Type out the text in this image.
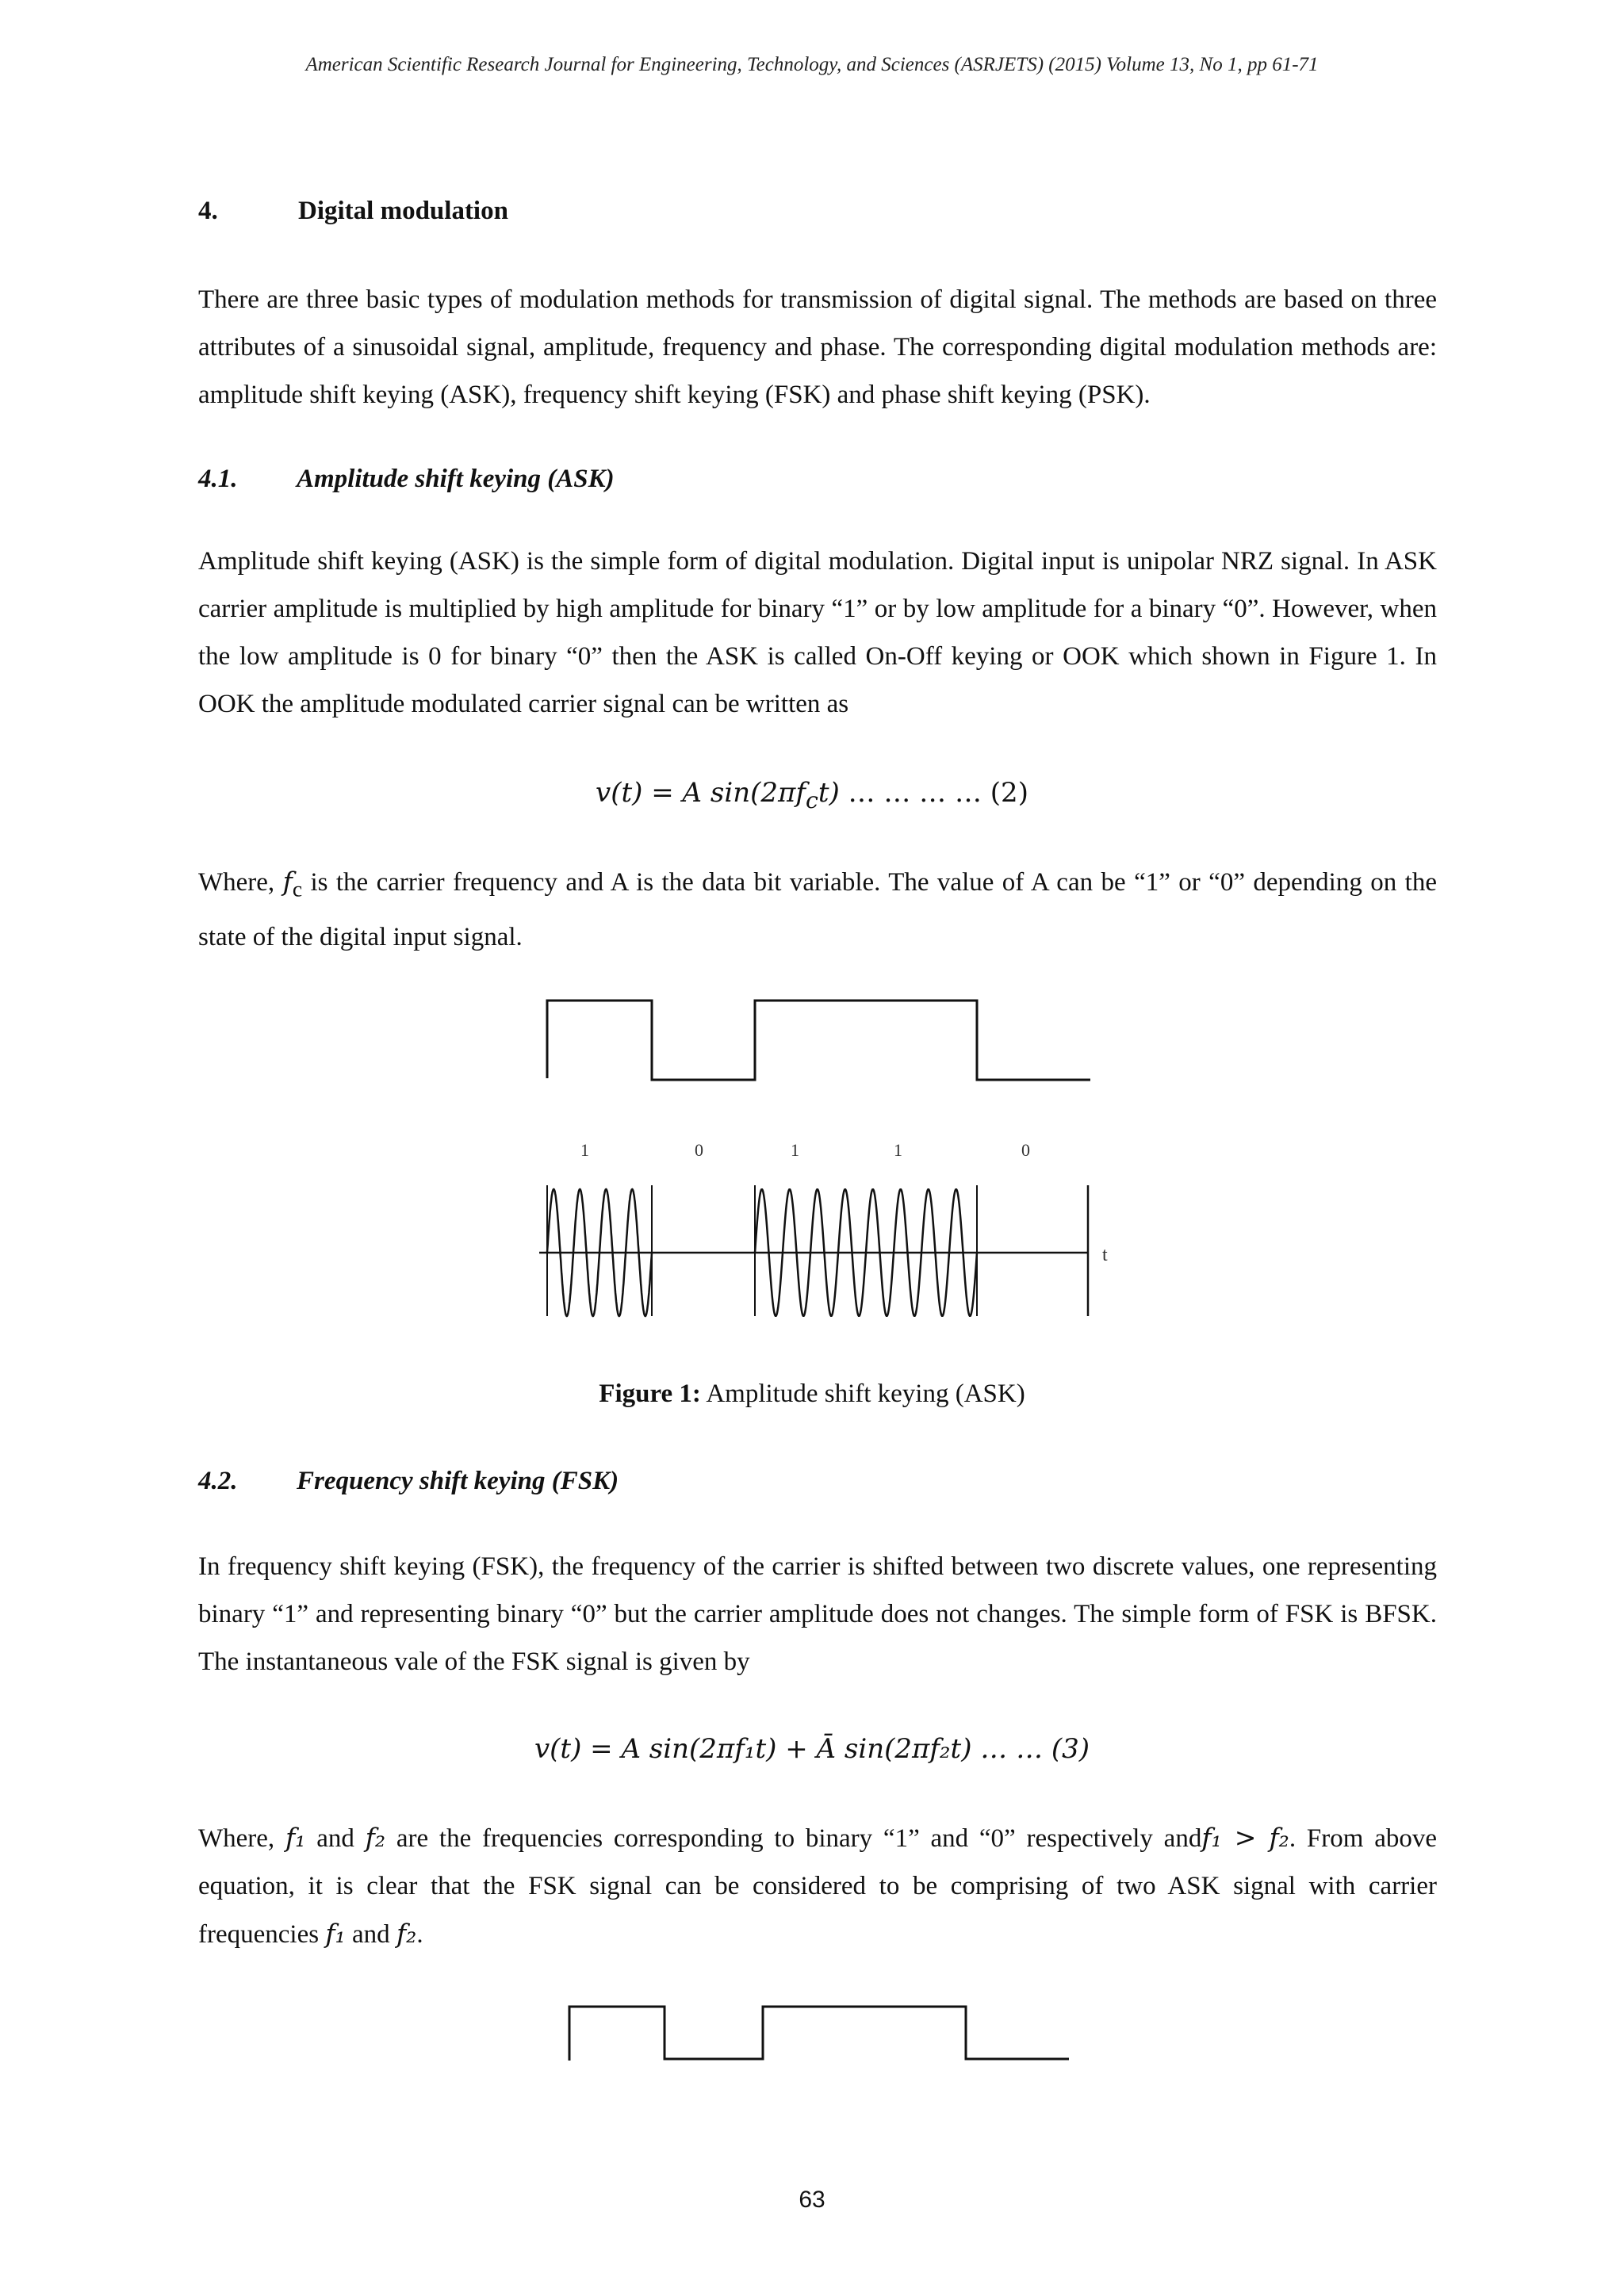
American Scientific Research Journal for Engineering, Technology, and Sciences (ASRJETS) (2015) Volume 13, No 1, pp 61-71
4.	Digital modulation
There are three basic types of modulation methods for transmission of digital signal. The methods are based on three attributes of a sinusoidal signal, amplitude, frequency and phase. The corresponding digital modulation methods are: amplitude shift keying (ASK), frequency shift keying (FSK) and phase shift keying (PSK).
4.1. Amplitude shift keying (ASK)
Amplitude shift keying (ASK) is the simple form of digital modulation. Digital input is unipolar NRZ signal. In ASK carrier amplitude is multiplied by high amplitude for binary “1” or by low amplitude for a binary “0”. However, when the low amplitude is 0 for binary “0” then the ASK is called On-Off keying or OOK which shown in Figure 1. In OOK the amplitude modulated carrier signal can be written as
v(t) = A $\sin(2\pi f_ct)$ … … … … (2)
Where, $f_c$ is the carrier frequency and A is the data bit variable. The value of A can be “1” or “0” depending on the state of the digital input signal.
1	0	1	1	0
t
Figure 1: Amplitude shift keying (ASK)
4.2. Frequency shift keying (FSK)
In frequency shift keying (FSK), the frequency of the carrier is shifted between two discrete values, one representing binary “1” and representing binary “0” but the carrier amplitude does not changes. The simple form of FSK is BFSK. The instantaneous vale of the FSK signal is given by
v(t) = A sin(2πf₁t) + Ā sin(2πf₂t) … … (3)
Where, f₁ and f₂ are the frequencies corresponding to binary “1” and “0” respectively andf₁ > f₂. From above equation, it is clear that the FSK signal can be considered to be comprising of two ASK signal with carrier frequencies f₁ and f₂.
63
